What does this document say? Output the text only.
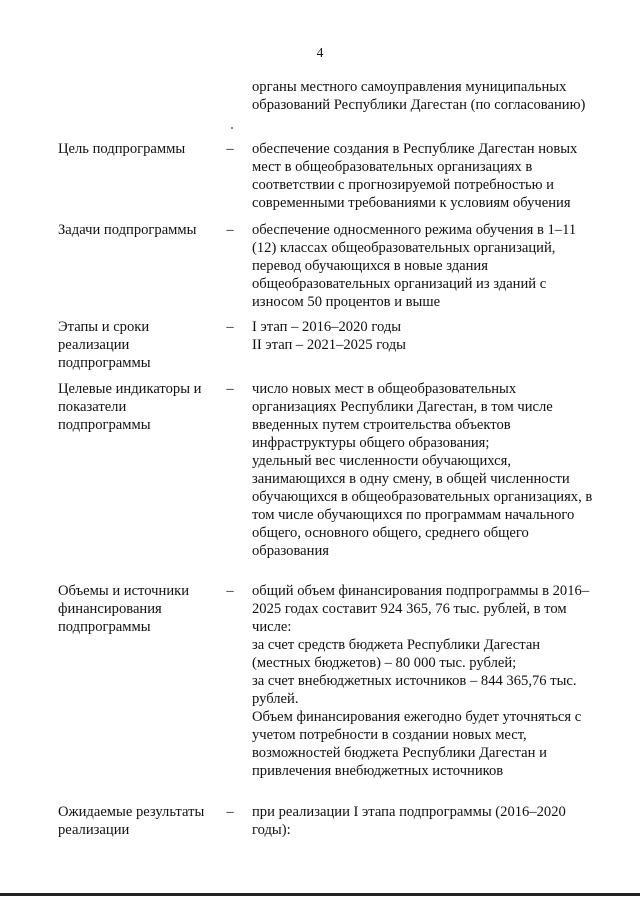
4
органы местного самоуправления муниципальных
образований Республики Дагестан (по согласованию)
Цель подпрограммы	– обеспечение создания в Республике Дагестан новых
мест в общеобразовательных организациях в
соответствии с прогнозируемой потребностью и
современными требованиями к условиям обучения
Задачи подпрограммы	– обеспечение односменного режима обучения в 1–11
(12) классах общеобразовательных организаций,
перевод обучающихся в новые здания
общеобразовательных организаций из зданий с
износом 50 процентов и выше
Этапы и сроки
реализации
подпрограммы
– I этап – 2016–2020 годы
II этап – 2021–2025 годы
Целевые индикаторы и
показатели
подпрограммы
– число новых мест в общеобразовательных
организациях Республики Дагестан, в том числе
введенных путем строительства объектов
инфраструктуры общего образования;
удельный вес численности обучающихся,
занимающихся в одну смену, в общей численности
обучающихся в общеобразовательных организациях, в
том числе обучающихся по программам начального
общего, основного общего, среднего общего
образования
Объемы и источники
финансирования
подпрограммы
– общий объем финансирования подпрограммы в 2016–
2025 годах составит 924 365, 76 тыс. рублей, в том
числе:
за счет средств бюджета Республики Дагестан
(местных бюджетов) – 80 000 тыс. рублей;
за счет внебюджетных источников – 844 365,76 тыс.
рублей.
Объем финансирования ежегодно будет уточняться с
учетом потребности в создании новых мест,
возможностей бюджета Республики Дагестан и
привлечения внебюджетных источников
Ожидаемые результаты
реализации
– при реализации I этапа подпрограммы (2016–2020
годы):
